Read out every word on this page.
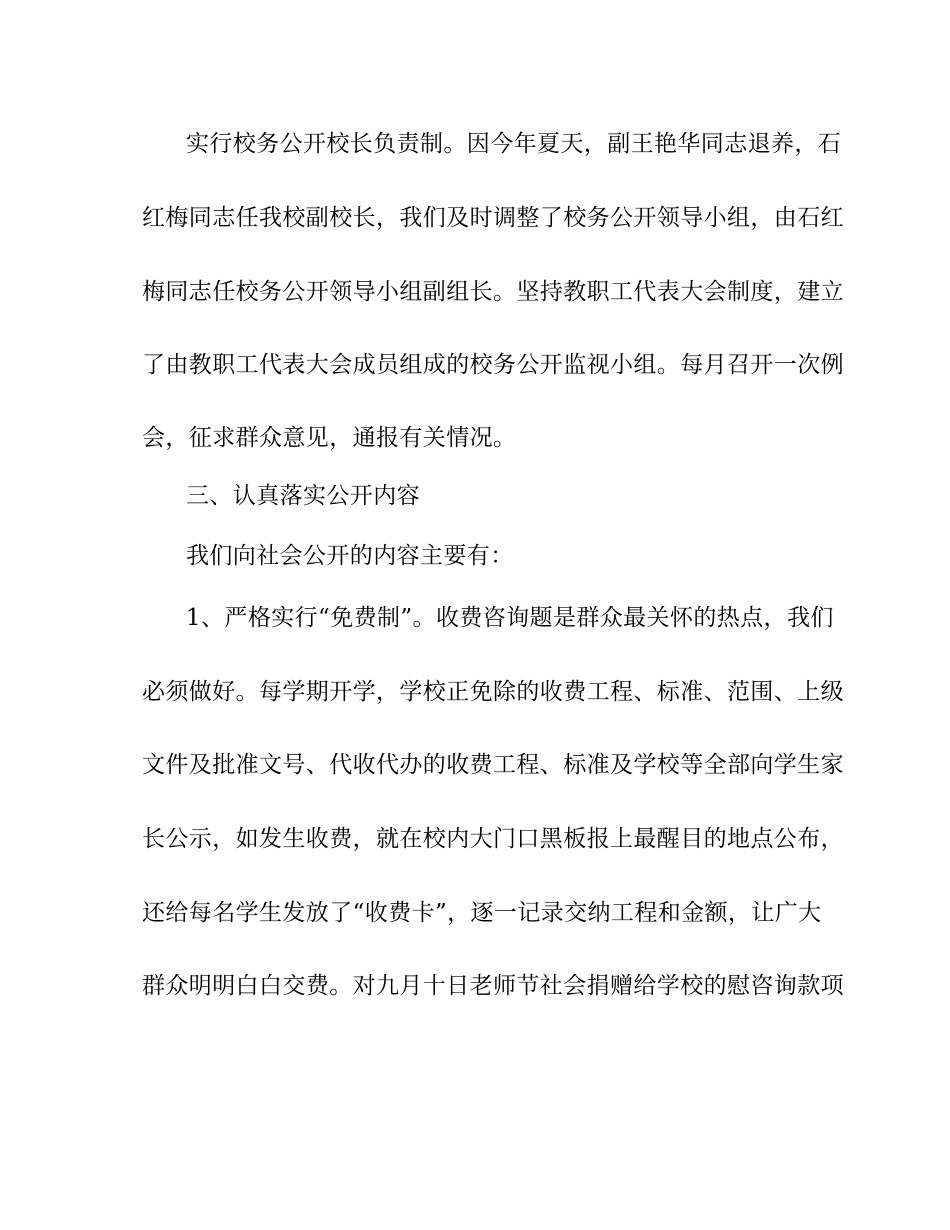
实行校务公开校长负责制。因今年夏天，副王艳华同志退养，石
红梅同志任我校副校长，我们及时调整了校务公开领导小组，由石红
梅同志任校务公开领导小组副组长。坚持教职工代表大会制度，建立
了由教职工代表大会成员组成的校务公开监视小组。每月召开一次例
会，征求群众意见，通报有关情况。
三、认真落实公开内容
我们向社会公开的内容主要有：
1、严格实行“免费制”。收费咨询题是群众最关怀的热点，我们
必须做好。每学期开学，学校正免除的收费工程、标准、范围、上级
文件及批准文号、代收代办的收费工程、标准及学校等全部向学生家
长公示，如发生收费，就在校内大门口黑板报上最醒目的地点公布，
还给每名学生发放了“收费卡”，逐一记录交纳工程和金额，让广大
群众明明白白交费。对九月十日老师节社会捐赠给学校的慰咨询款项
